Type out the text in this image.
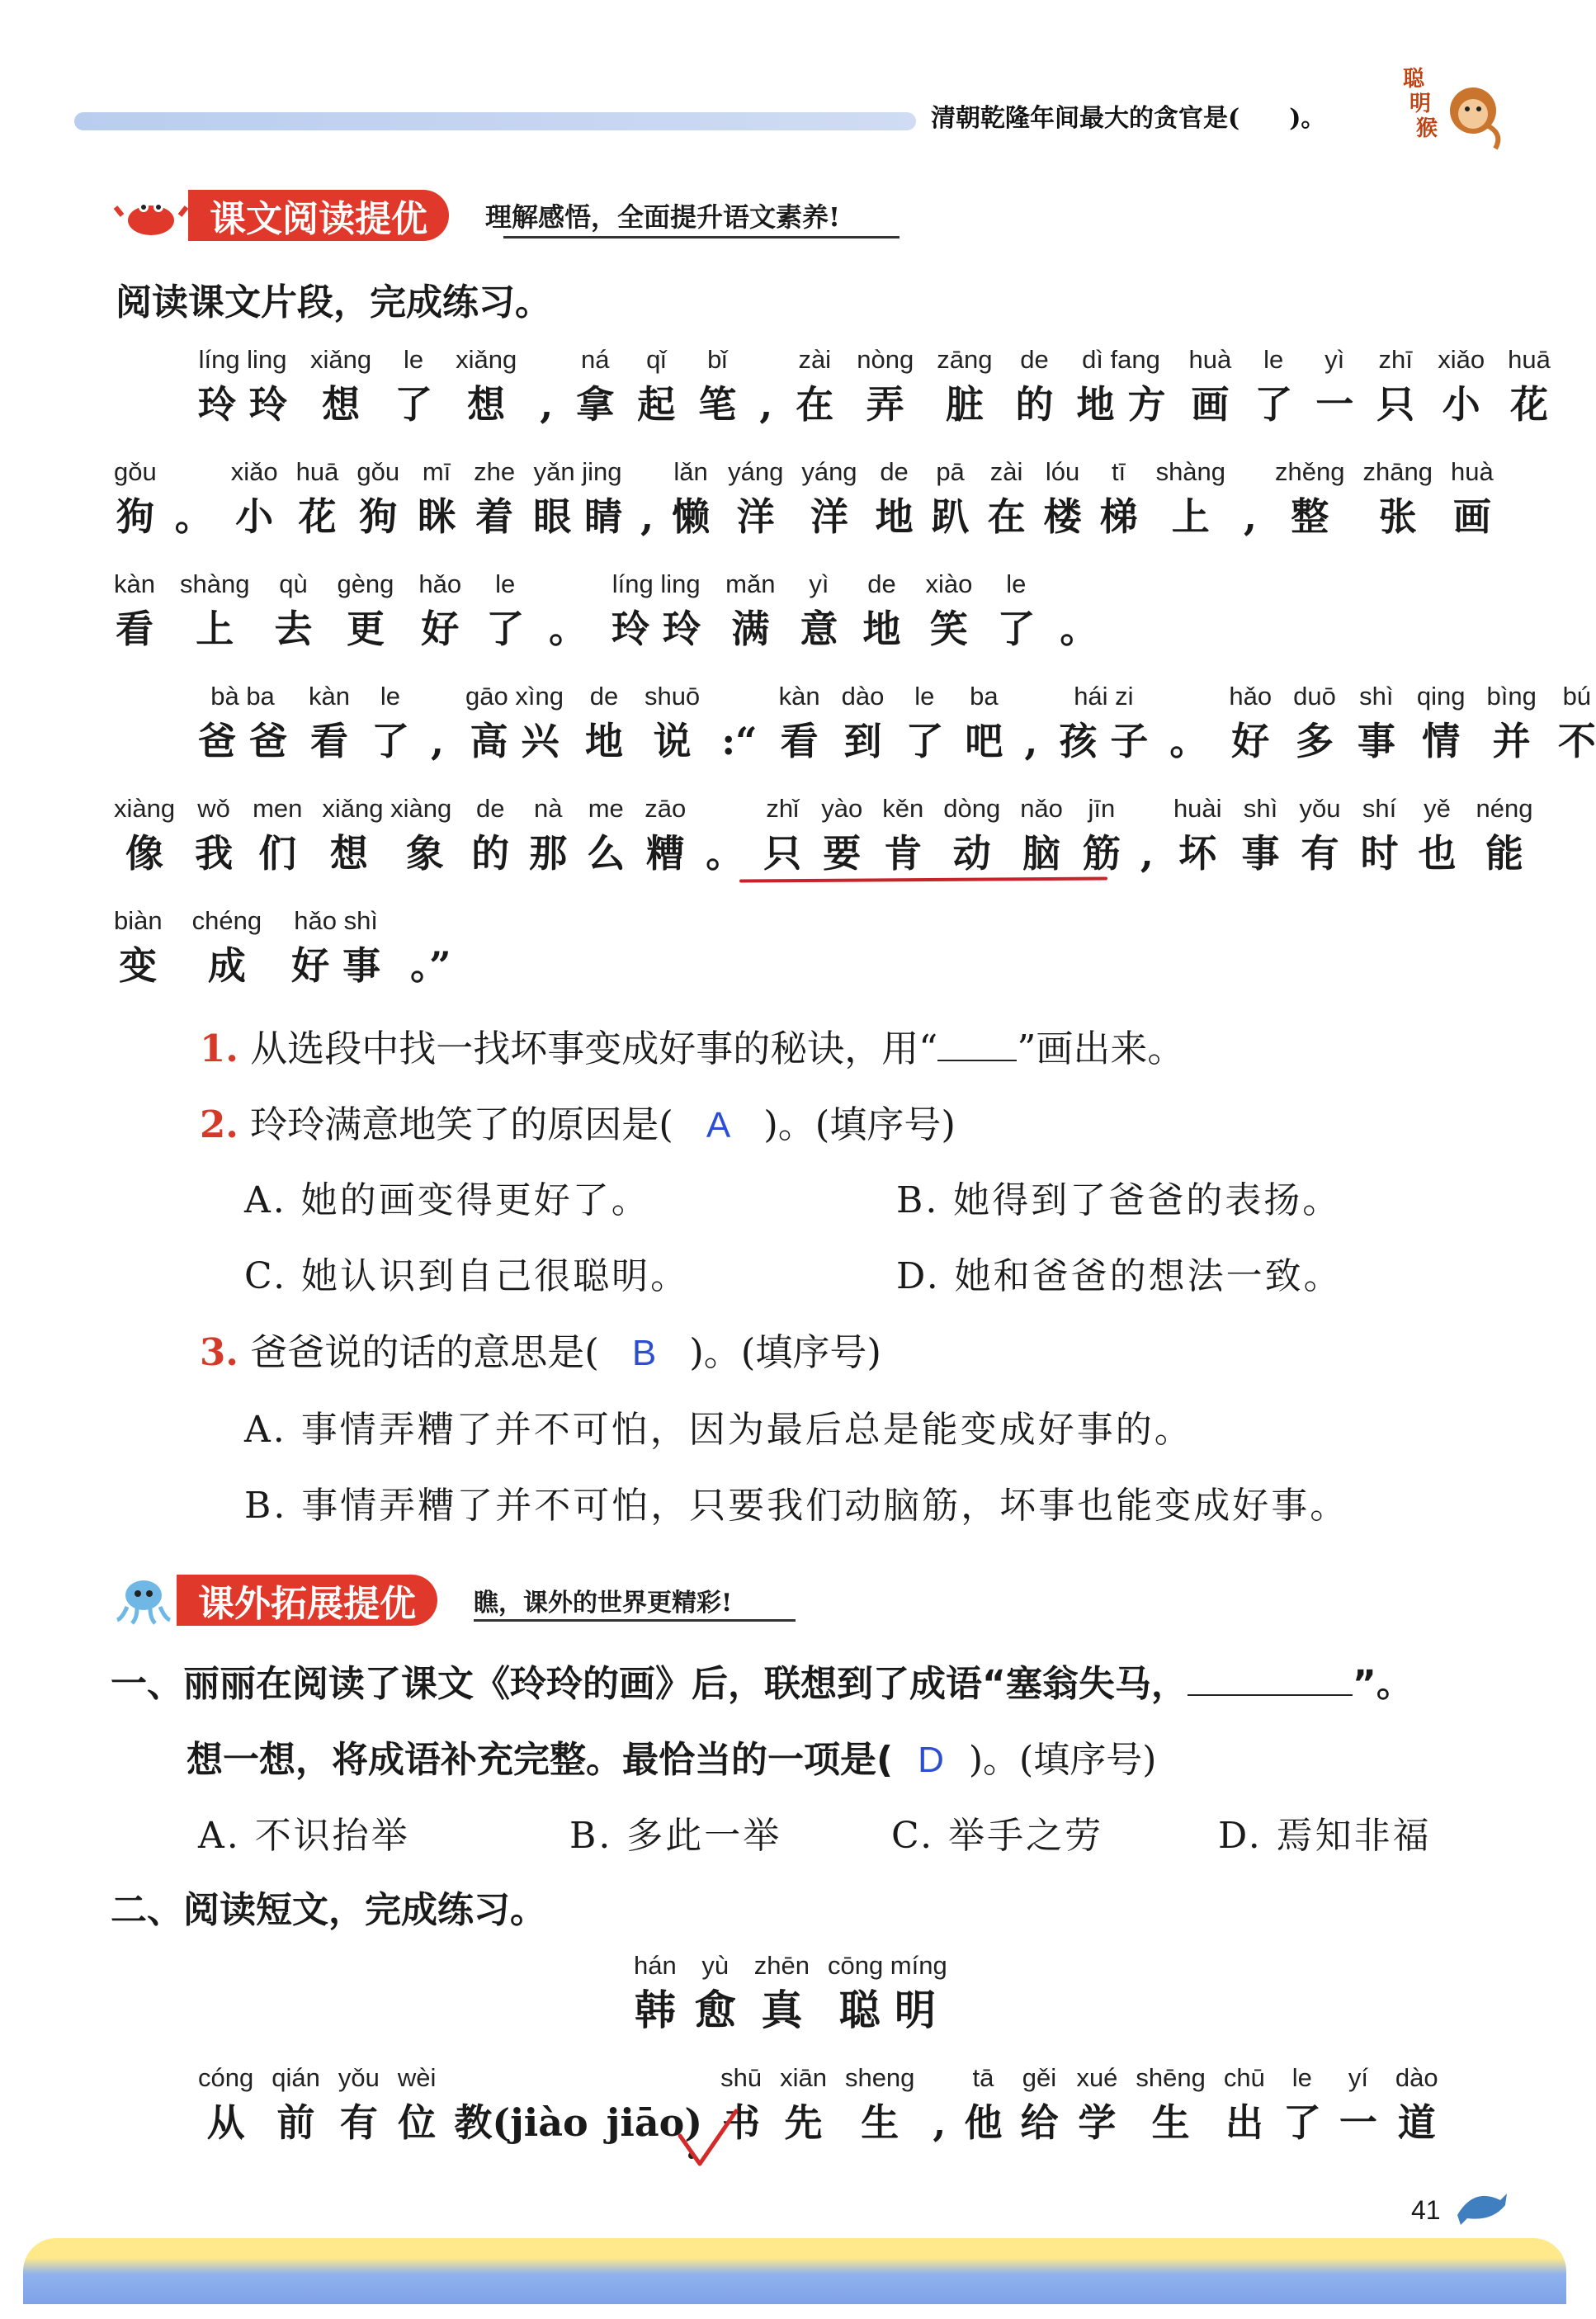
清朝乾隆年间最大的贪官是(　　)。
聪
明
猴
课文阅读提优	理解感悟，全面提升语文素养!
阅读课文片段，完成练习。
líng ling
玲 玲
xiǎng
想
le
了
xiǎng
想 ,
ná
拿
qǐ
起
bǐ
笔 ,
zài
在
nòng
弄
zāng
脏
de
的
dì fang
地 方
huà
画
le
了
yì
一
zhī
只
xiǎo
小
huā
花
gǒu
狗 。
xiǎo
小
huā
花
gǒu
狗
mī
眯
zhe
着
yǎn jing
眼 睛 ,
lǎn
懒
yáng
洋
yáng
洋
de
地
pā
趴
zài
在
lóu
楼
tī
梯
shàng
上 ,
zhěng
整
zhāng
张
huà
画
kàn
看
shàng
上
qù
去
gèng
更
hǎo
好
le
了 。
líng ling
玲 玲
mǎn
满
yì
意
de
地
xiào
笑
le
了 。
bà ba
爸 爸
kàn
看
le
了 ,
gāo xìng
高 兴
de
地
shuō
说 :“
kàn
看
dào
到
le
了
ba
吧 ,
hái zi
孩 子 。
hǎo
好
duō
多
shì
事
qing
情
bìng
并
bú
不
xiàng
像
wǒ
我
men
们
xiǎng xiàng
想　象
de
的
nà
那
me
么
zāo
糟 。
zhǐ
只
yào
要
kěn
肯
dòng
动
nǎo
脑
jīn
筋 ,
huài
坏
shì
事
yǒu
有
shí
时
yě
也
néng
能
biàn
变
chéng
成
hǎo shì
好 事 。”
1. 从选段中找一找坏事变成好事的秘诀，用“ ”画出来。
2. 玲玲满意地笑了的原因是( A )。(填序号)
A. 她的画变得更好了。	B. 她得到了爸爸的表扬。
C. 她认识到自己很聪明。	D. 她和爸爸的想法一致。
3. 爸爸说的话的意思是( B )。(填序号)
A. 事情弄糟了并不可怕，因为最后总是能变成好事的。
B. 事情弄糟了并不可怕，只要我们动脑筋，坏事也能变成好事。
课外拓展提优	瞧，课外的世界更精彩!
一、丽丽在阅读了课文《玲玲的画》后，联想到了成语“塞翁失马，	”。
想一想，将成语补充完整。最恰当的一项是( D )。(填序号)
A. 不识抬举	B. 多此一举	C. 举手之劳	D. 焉知非福
二、阅读短文，完成练习。
hán
韩
yù
愈
zhēn
真
cōng míng
聪 明
cóng
从
qián
前
yǒu
有
wèi
位 教(jiào jiāo)
shū
书
xiān
先
sheng
生 ,
tā
他
gěi
给
xué
学
shēng
生
chū
出
le
了
yí
一
dào
道
41
